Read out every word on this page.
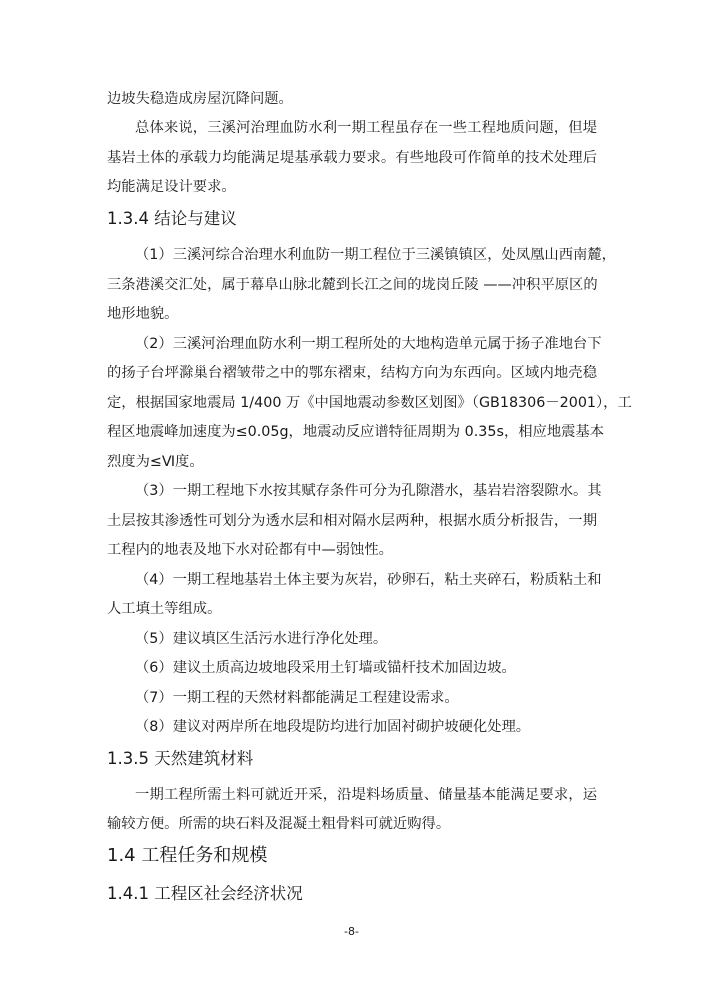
边坡失稳造成房屋沉降问题。
总体来说，三溪河治理血防水利一期工程虽存在一些工程地质问题，但堤
基岩土体的承载力均能满足堤基承载力要求。有些地段可作简单的技术处理后
均能满足设计要求。
1.3.4 结论与建议
（1）三溪河综合治理水利血防一期工程位于三溪镇镇区，处凤凰山西南麓，
三条港溪交汇处，属于幕阜山脉北麓到长江之间的垅岗丘陵 ——冲积平原区的
地形地貌。
（2）三溪河治理血防水利一期工程所处的大地构造单元属于扬子准地台下
的扬子台坪滁巢台褶皱带之中的鄂东褶束，结构方向为东西向。区域内地壳稳
定，根据国家地震局 1/400 万《中国地震动参数区划图》（GB18306－2001），工
程区地震峰加速度为≤0.05g，地震动反应谱特征周期为 0.35s，相应地震基本
烈度为≤Ⅵ度。
（3）一期工程地下水按其赋存条件可分为孔隙潜水，基岩岩溶裂隙水。其
土层按其渗透性可划分为透水层和相对隔水层两种，根据水质分析报告，一期
工程内的地表及地下水对砼都有中—弱蚀性。
（4）一期工程地基岩土体主要为灰岩，砂卵石，粘土夹碎石，粉质粘土和
人工填土等组成。
（5）建议填区生活污水进行净化处理。
（6）建议土质高边坡地段采用土钉墙或锚杆技术加固边坡。
（7）一期工程的天然材料都能满足工程建设需求。
（8）建议对两岸所在地段堤防均进行加固衬砌护坡硬化处理。
1.3.5 天然建筑材料
一期工程所需土料可就近开采，沿堤料场质量、储量基本能满足要求，运
输较方便。所需的块石料及混凝土粗骨料可就近购得。
1.4 工程任务和规模
1.4.1 工程区社会经济状况
-8-
